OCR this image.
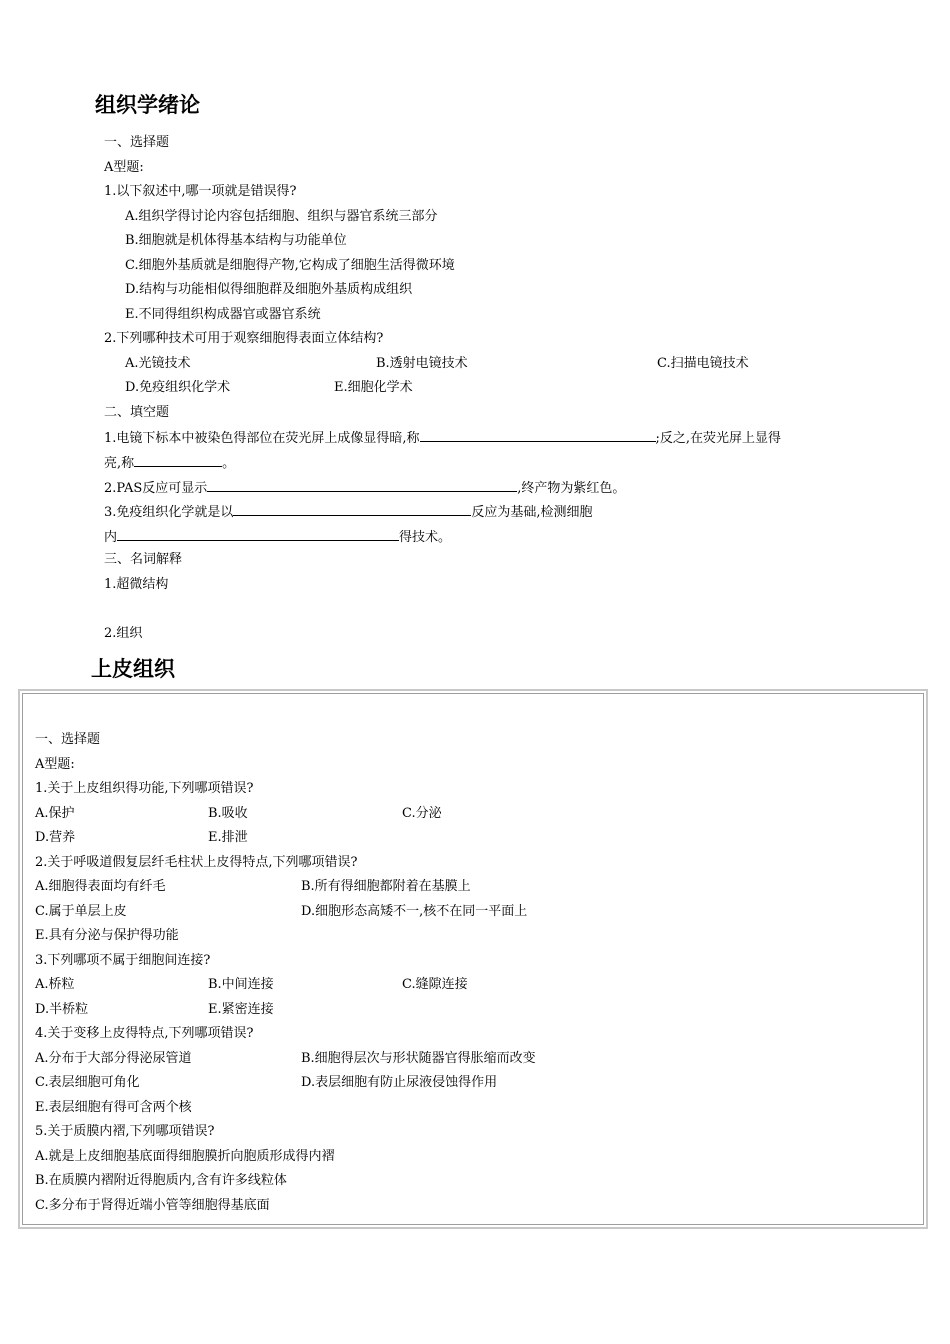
组织学绪论
一、选择题
A型题:
1.以下叙述中,哪一项就是错误得?
A.组织学得讨论内容包括细胞、组织与器官系统三部分
B.细胞就是机体得基本结构与功能单位
C.细胞外基质就是细胞得产物,它构成了细胞生活得微环境
D.结构与功能相似得细胞群及细胞外基质构成组织
E.不同得组织构成器官或器官系统
2.下列哪种技术可用于观察细胞得表面立体结构?
A.光镜技术	B.透射电镜技术	C.扫描电镜技术
D.免疫组织化学术	E.细胞化学术
二、填空题
1.电镜下标本中被染色得部位在荧光屏上成像显得暗,称	;反之,在荧光屏上显得
亮,称	。
2.PAS反应可显示	,终产物为紫红色。
3.免疫组织化学就是以	反应为基础,检测细胞
内	得技术。
三、名词解释
1.超微结构
2.组织
上皮组织
一、选择题
A型题:
1.关于上皮组织得功能,下列哪项错误?
A.保护	B.吸收	C.分泌
D.营养	E.排泄
2.关于呼吸道假复层纤毛柱状上皮得特点,下列哪项错误?
A.细胞得表面均有纤毛	B.所有得细胞都附着在基膜上
C.属于单层上皮	D.细胞形态高矮不一,核不在同一平面上
E.具有分泌与保护得功能
3.下列哪项不属于细胞间连接?
A.桥粒	B.中间连接	C.缝隙连接
D.半桥粒	E.紧密连接
4.关于变移上皮得特点,下列哪项错误?
A.分布于大部分得泌尿管道	B.细胞得层次与形状随器官得胀缩而改变
C.表层细胞可角化	D.表层细胞有防止尿液侵蚀得作用
E.表层细胞有得可含两个核
5.关于质膜内褶,下列哪项错误?
A.就是上皮细胞基底面得细胞膜折向胞质形成得内褶
B.在质膜内褶附近得胞质内,含有许多线粒体
C.多分布于肾得近端小管等细胞得基底面
